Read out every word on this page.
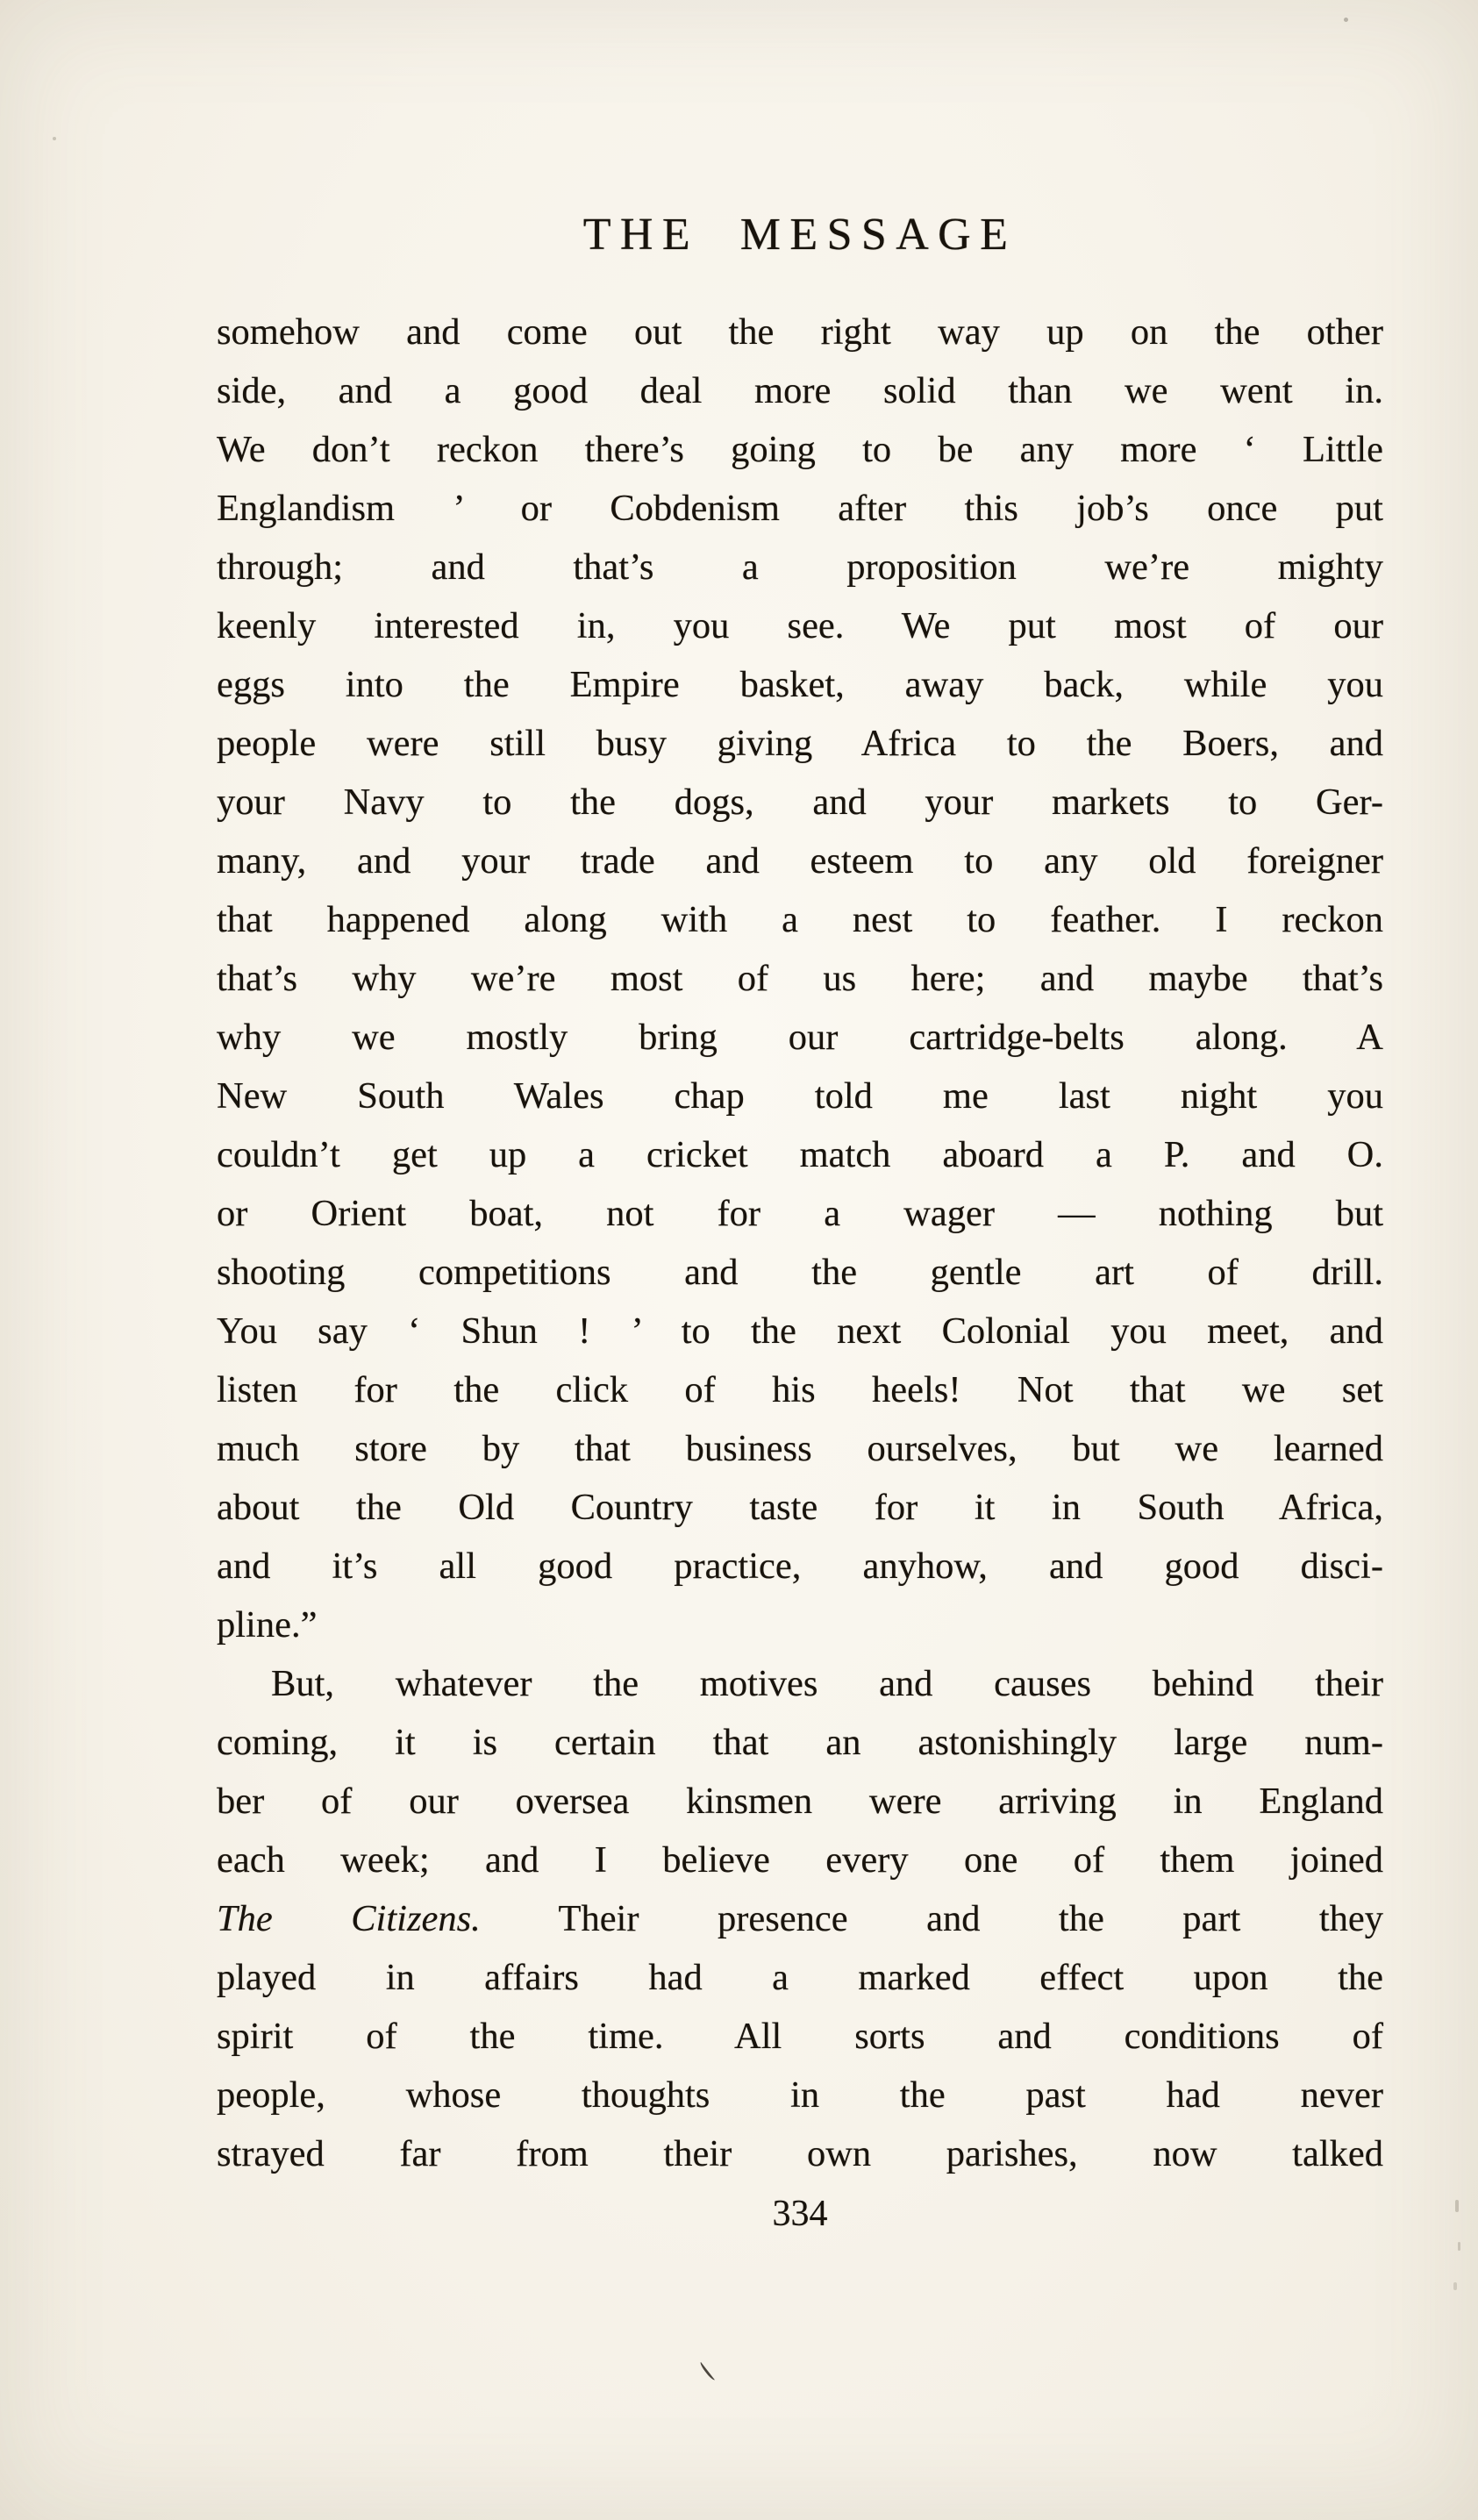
THE MESSAGE
somehow and come out the right way up on the other
side, and a good deal more solid than we went in.
We don’t reckon there’s going to be any more ‘ Little
Englandism ’ or Cobdenism after this job’s once put
through; and that’s a proposition we’re mighty
keenly interested in, you see. We put most of our
eggs into the Empire basket, away back, while you
people were still busy giving Africa to the Boers, and
your Navy to the dogs, and your markets to Ger-
many, and your trade and esteem to any old foreigner
that happened along with a nest to feather. I reckon
that’s why we’re most of us here; and maybe that’s
why we mostly bring our cartridge-belts along. A
New South Wales chap told me last night you
couldn’t get up a cricket match aboard a P. and O.
or Orient boat, not for a wager — nothing but
shooting competitions and the gentle art of drill.
You say ‘ Shun ! ’ to the next Colonial you meet, and
listen for the click of his heels! Not that we set
much store by that business ourselves, but we learned
about the Old Country taste for it in South Africa,
and it’s all good practice, anyhow, and good disci-
pline.”
But, whatever the motives and causes behind their
coming, it is certain that an astonishingly large num-
ber of our oversea kinsmen were arriving in England
each week; and I believe every one of them joined
The Citizens. Their presence and the part they
played in affairs had a marked effect upon the
spirit of the time. All sorts and conditions of
people, whose thoughts in the past had never
strayed far from their own parishes, now talked
334
